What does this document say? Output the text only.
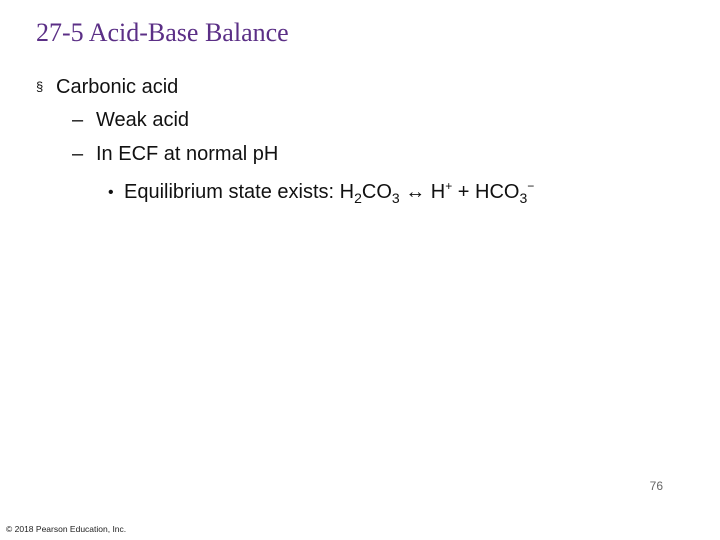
27-5 Acid-Base Balance
§ Carbonic acid
– Weak acid
– In ECF at normal pH
• Equilibrium state exists: $H_2CO_3$ ↔ $H^+ + HCO_3^-$
76
© 2018 Pearson Education, Inc.
